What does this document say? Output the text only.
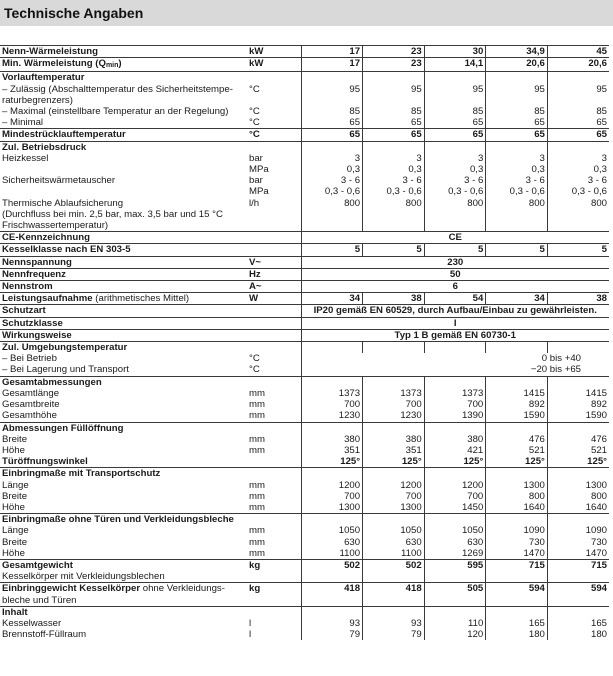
Technische Angaben
Nenn-Wärmeleistung	kW	17	23	30	34,9	45
Min. Wärmeleistung (Qmin)	kW	17	23	14,1	20,6	20,6
Vorlauftemperatur						
– Zulässig (Abschalttemperatur des Sicherheitstempe-	°C	95	95	95	95	95
raturbegrenzers)						
– Maximal (einstellbare Temperatur an der Regelung)	°C	85	85	85	85	85
– Minimal	°C	65	65	65	65	65
Mindestrücklauftemperatur	°C	65	65	65	65	65
Zul. Betriebsdruck						
Heizkessel	bar	3	3	3	3	3
	MPa	0,3	0,3	0,3	0,3	0,3
Sicherheitswärmetauscher	bar	3 - 6	3 - 6	3 - 6	3 - 6	3 - 6
	MPa	0,3 - 0,6	0,3 - 0,6	0,3 - 0,6	0,3 - 0,6	0,3 - 0,6
Thermische Ablaufsicherung	l/h	800	800	800	800	800
(Durchfluss bei min. 2,5 bar, max. 3,5 bar und 15 °C						
Frischwassertemperatur)						
CE-Kennzeichnung		CE				
Kesselklasse nach EN 303-5		5	5	5	5	5
Nennspannung	V~	230				
Nennfrequenz	Hz	50				
Nennstrom	A~	6				
Leistungsaufnahme (arithmetisches Mittel)	W	34	38	54	34	38
Schutzart		IP20 gemäß EN 60529, durch Aufbau/Einbau zu gewährleisten.				
Schutzklasse		I				
Wirkungsweise		Typ 1 B gemäß EN 60730-1				
Zul. Umgebungstemperatur						
– Bei Betrieb	°C	0 bis +40				
– Bei Lagerung und Transport	°C	−20 bis +65				
Gesamtabmessungen						
Gesamtlänge	mm	1373	1373	1373	1415	1415
Gesamtbreite	mm	700	700	700	892	892
Gesamthöhe	mm	1230	1230	1390	1590	1590
Abmessungen Füllöffnung						
Breite	mm	380	380	380	476	476
Höhe	mm	351	351	421	521	521
Türöffnungswinkel		125°	125°	125°	125°	125°
Einbringmaße mit Transportschutz						
Länge	mm	1200	1200	1200	1300	1300
Breite	mm	700	700	700	800	800
Höhe	mm	1300	1300	1450	1640	1640
Einbringmaße ohne Türen und Verkleidungsbleche						
Länge	mm	1050	1050	1050	1090	1090
Breite	mm	630	630	630	730	730
Höhe	mm	1100	1100	1269	1470	1470
Gesamtgewicht	kg	502	502	595	715	715
Kesselkörper mit Verkleidungsblechen						
Einbringgewicht Kesselkörper ohne Verkleidungs-	kg	418	418	505	594	594
bleche und Türen						
Inhalt						
Kesselwasser	l	93	93	110	165	165
Brennstoff-Füllraum	l	79	79	120	180	180
